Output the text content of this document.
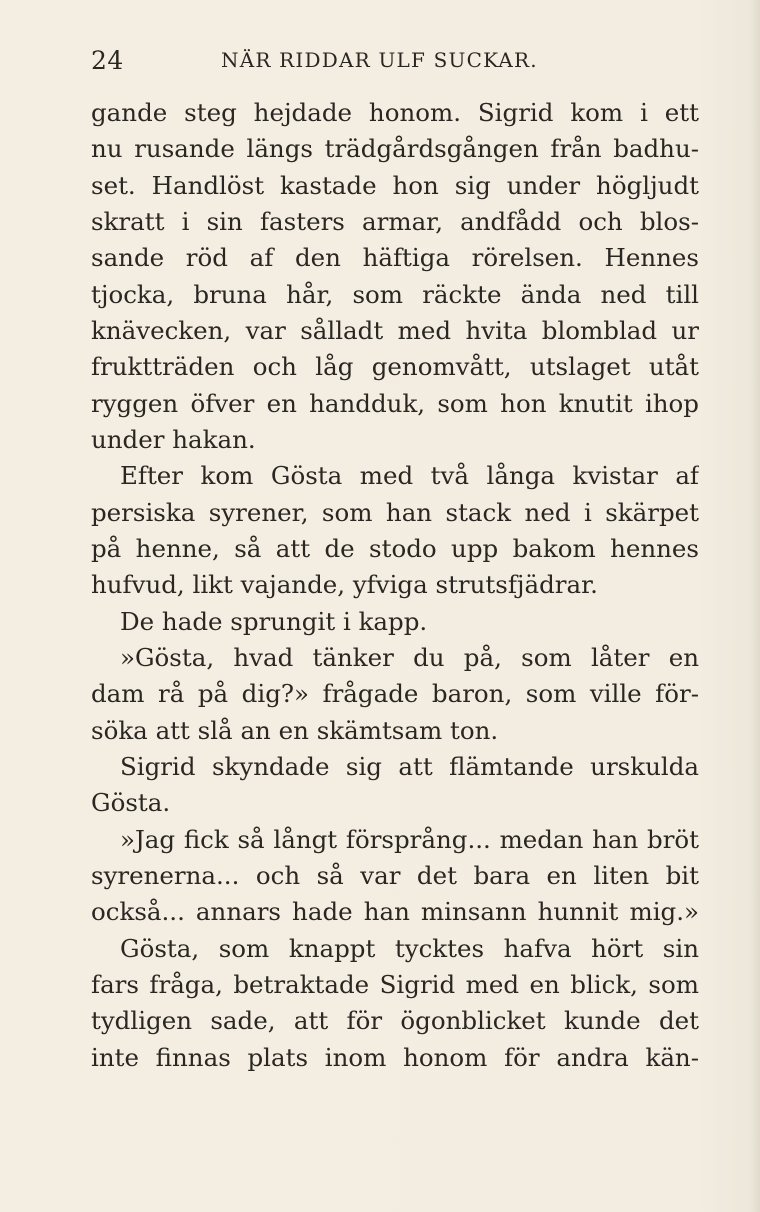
24	NÄR RIDDAR ULF SUCKAR.
gande steg hejdade honom. Sigrid kom i ett
nu rusande längs trädgårdsgången från badhu-
set. Handlöst kastade hon sig under högljudt
skratt i sin fasters armar, andfådd och blos-
sande röd af den häftiga rörelsen. Hennes
tjocka, bruna hår, som räckte ända ned till
knävecken, var sålladt med hvita blomblad ur
fruktträden och låg genomvått, utslaget utåt
ryggen öfver en handduk, som hon knutit ihop
under hakan.
Efter kom Gösta med två långa kvistar af
persiska syrener, som han stack ned i skärpet
på henne, så att de stodo upp bakom hennes
hufvud, likt vajande, yfviga strutsfjädrar.
De hade sprungit i kapp.
»Gösta, hvad tänker du på, som låter en
dam rå på dig?» frågade baron, som ville för-
söka att slå an en skämtsam ton.
Sigrid skyndade sig att flämtande urskulda
Gösta.
»Jag fick så långt försprång... medan han bröt
syrenerna... och så var det bara en liten bit
också... annars hade han minsann hunnit mig.»
Gösta, som knappt tycktes hafva hört sin
fars fråga, betraktade Sigrid med en blick, som
tydligen sade, att för ögonblicket kunde det
inte finnas plats inom honom för andra kän-
